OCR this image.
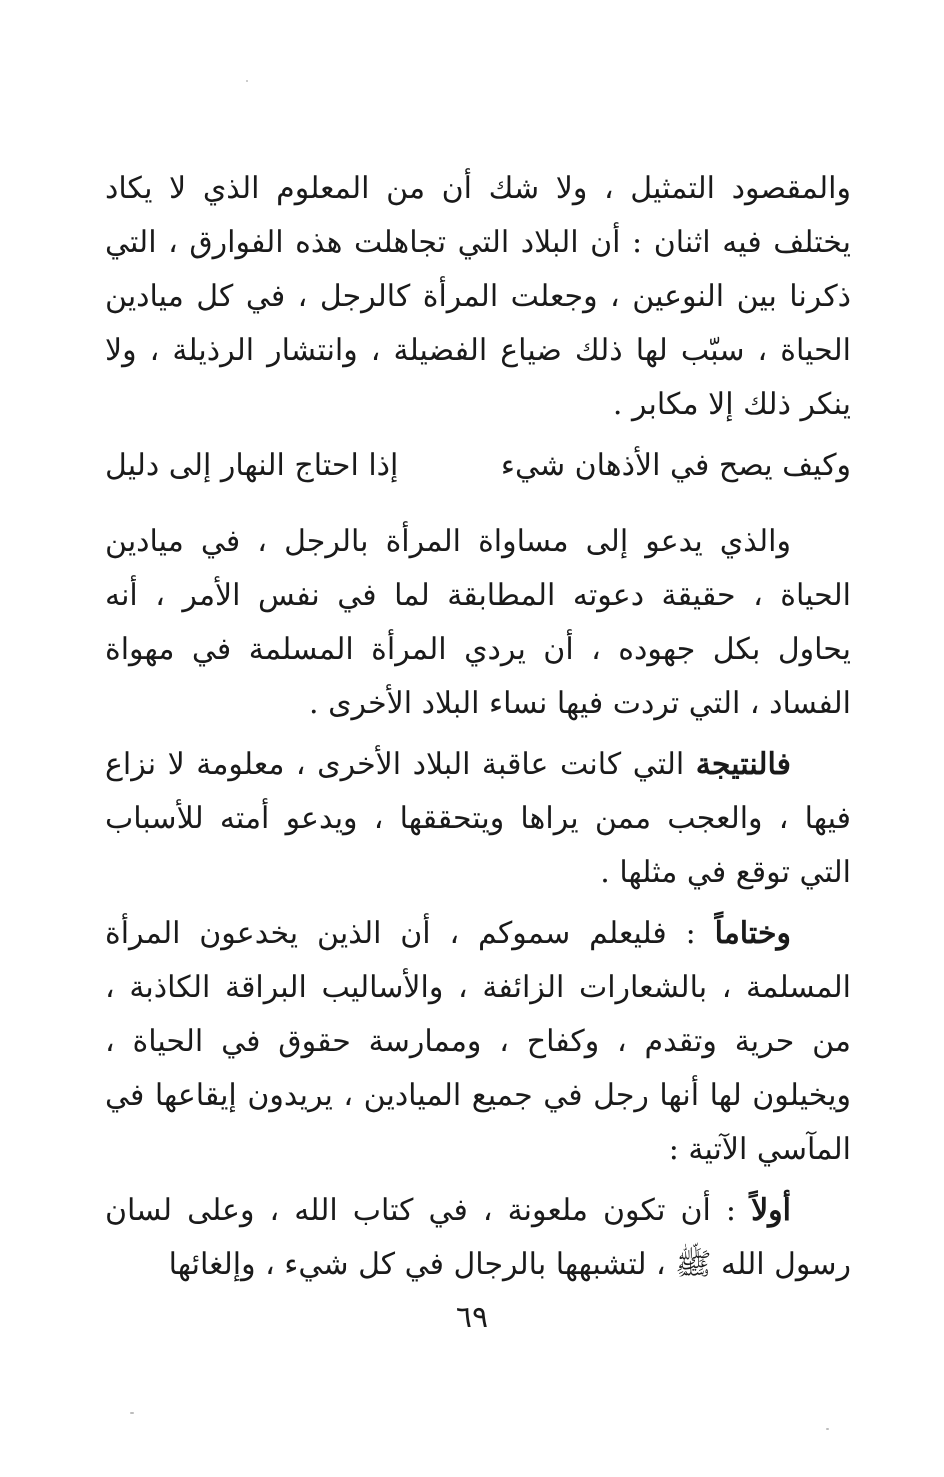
والمقصود التمثيل ، ولا شك أن من المعلوم الذي لا يكاد يختلف فيه اثنان : أن البلاد التي تجاهلت هذه الفوارق ، التي ذكرنا بين النوعين ، وجعلت المرأة كالرجل ، في كل ميادين الحياة ، سبّب لها ذلك ضياع الفضيلة ، وانتشار الرذيلة ، ولا ينكر ذلك إلا مكابر .

وكيف يصح في الأذهان شيء
إذا احتاج النهار إلى دليل

والذي يدعو إلى مساواة المرأة بالرجل ، في ميادين الحياة ، حقيقة دعوته المطابقة لما في نفس الأمر ، أنه يحاول بكل جهوده ، أن يردي المرأة المسلمة في مهواة الفساد ، التي تردت فيها نساء البلاد الأخرى .

فالنتيجة التي كانت عاقبة البلاد الأخرى ، معلومة لا نزاع فيها ، والعجب ممن يراها ويتحققها ، ويدعو أمته للأسباب التي توقع في مثلها .

وختاماً : فليعلم سموكم ، أن الذين يخدعون المرأة المسلمة ، بالشعارات الزائفة ، والأساليب البراقة الكاذبة ، من حرية وتقدم ، وكفاح ، وممارسة حقوق في الحياة ، ويخيلون لها أنها رجل في جميع الميادين ، يريدون إيقاعها في المآسي الآتية :

أولاً : أن تكون ملعونة ، في كتاب الله ، وعلى لسان رسول الله ﷺ ، لتشبهها بالرجال في كل شيء ، وإلغائها

٦٩
